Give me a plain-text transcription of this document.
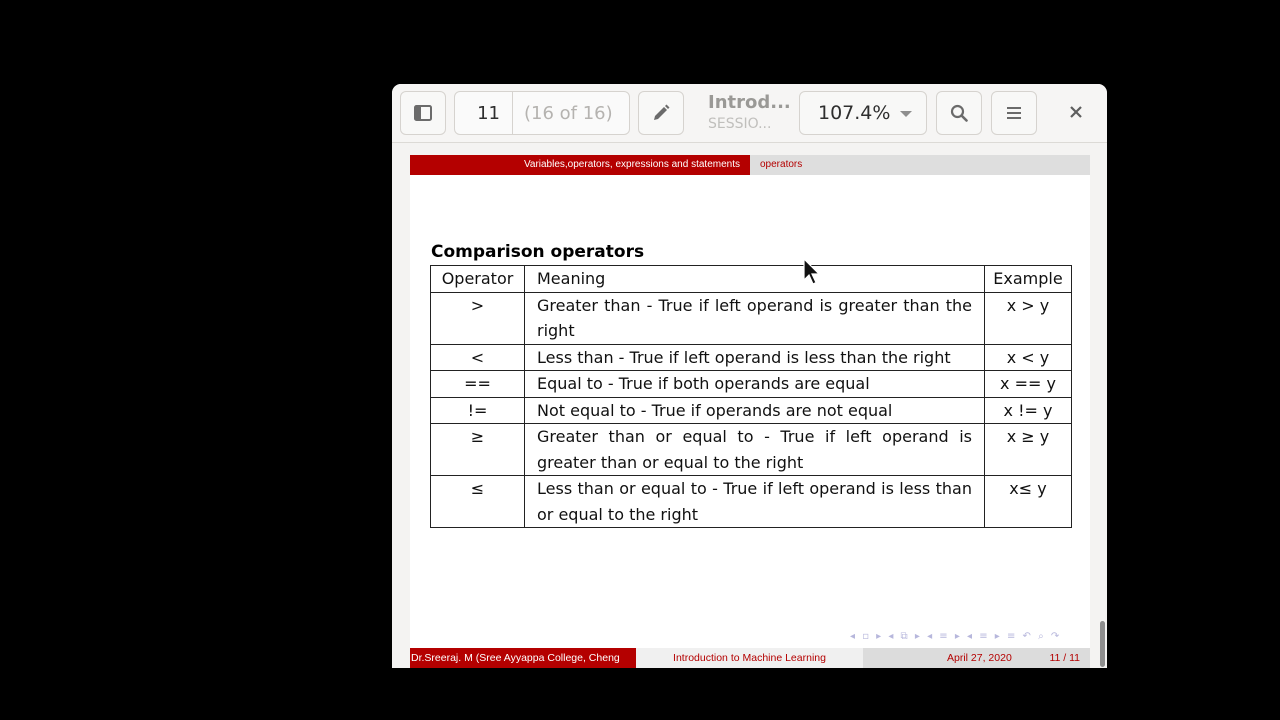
11	(16 of 16)	Introd...
SESSIO...	107.4%
Variables,operators, expressions and statements	operators
Comparison operators
Operator	Meaning	Example
>	Greater than - True if left operand is greater than the right	x > y
<	Less than - True if left operand is less than the right	x < y
==	Equal to - True if both operands are equal	x == y
!=	Not equal to - True if operands are not equal	x != y
≥	Greater than or equal to - True if left operand is greater than or equal to the right	x ≥ y
≤	Less than or equal to - True if left operand is less than or equal to the right	x≤ y
◂ ▫ ▸ ◂ ⧉ ▸ ◂ ≡ ▸ ◂ ≡ ▸ ≡ ↶ ⌕ ↷
Dr.Sreeraj. M (Sree Ayyappa College, Cheng	Introduction to Machine Learning	April 27, 2020	11 / 11
